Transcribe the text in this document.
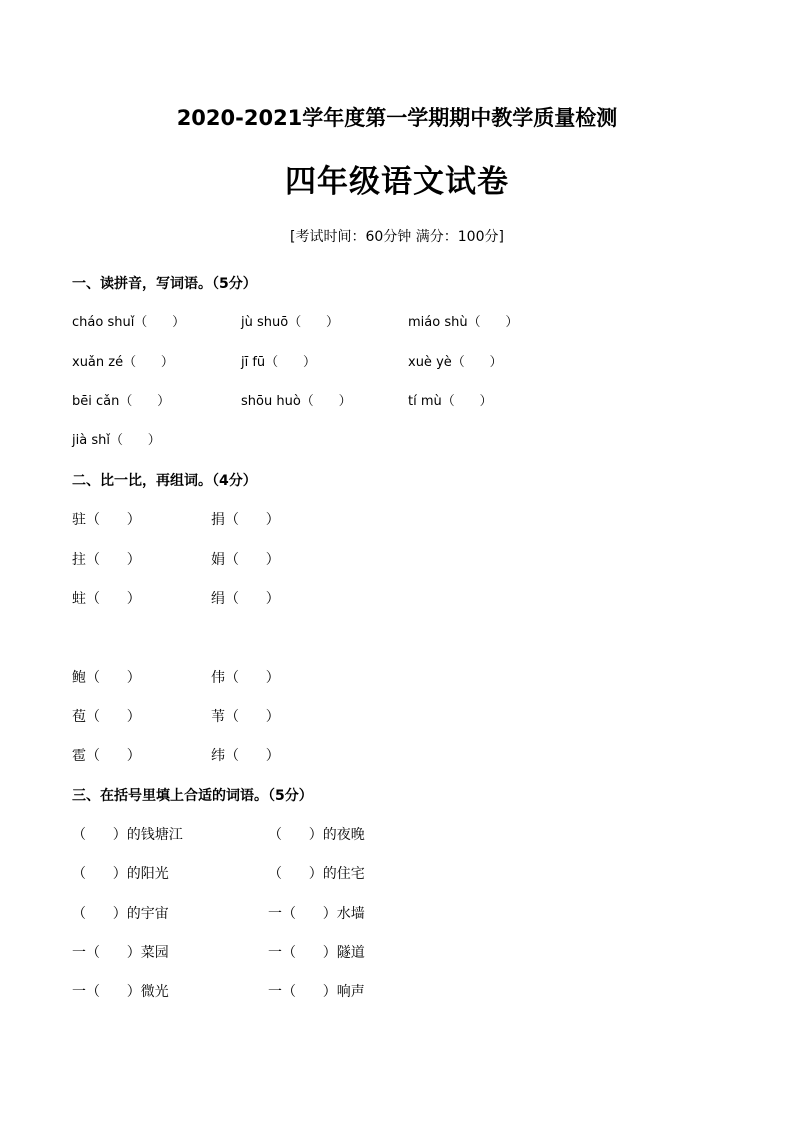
2020-2021学年度第一学期期中教学质量检测
四年级语文试卷
[考试时间：60分钟 满分：100分]
一、读拼音，写词语。（5分）
cháo shuǐ（      ）	jù shuō（      ）	miáo shù（      ）
xuǎn zé（      ）	jī fū（      ）	xuè yè（      ）
bēi cǎn（      ）	shōu huò（      ）	tí mù（      ）
jià shǐ（      ）
二、比一比，再组词。（4分）
驻（      ）	捐（      ）
拄（      ）	娟（      ）
蛀（      ）	绢（      ）
鲍（      ）	伟（      ）
苞（      ）	苇（      ）
雹（      ）	纬（      ）
三、在括号里填上合适的词语。（5分）
（      ）的钱塘江	（      ）的夜晚
（      ）的阳光	（      ）的住宅
（      ）的宇宙	一（      ）水墙
一（      ）菜园	一（      ）隧道
一（      ）微光	一（      ）响声
